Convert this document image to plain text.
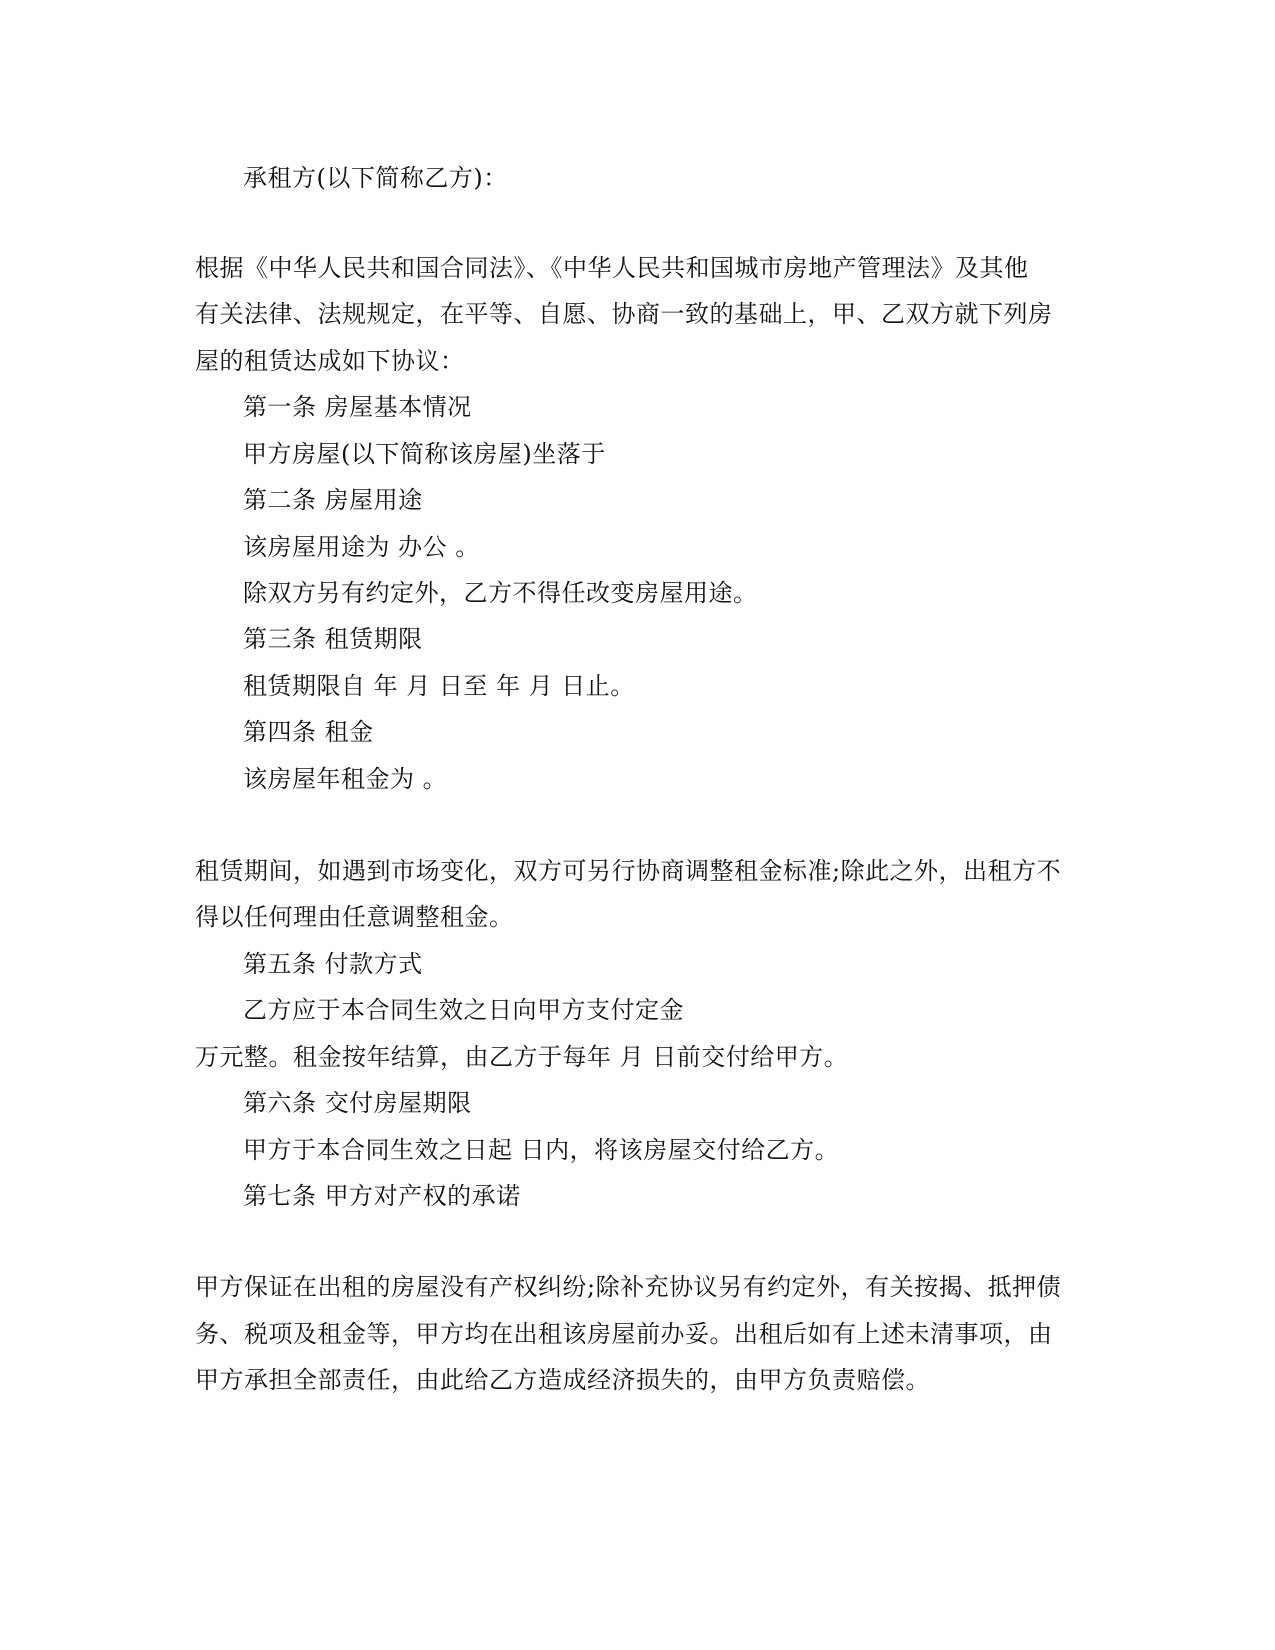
承租方(以下简称乙方)：
根据《中华人民共和国合同法》、《中华人民共和国城市房地产管理法》及其他
有关法律、法规规定，在平等、自愿、协商一致的基础上，甲、乙双方就下列房
屋的租赁达成如下协议：
第一条 房屋基本情况
甲方房屋(以下简称该房屋)坐落于
第二条 房屋用途
该房屋用途为 办公 。
除双方另有约定外，乙方不得任改变房屋用途。
第三条 租赁期限
租赁期限自 年 月 日至 年 月 日止。
第四条 租金
该房屋年租金为 。
租赁期间，如遇到市场变化，双方可另行协商调整租金标准;除此之外，出租方不
得以任何理由任意调整租金。
第五条 付款方式
乙方应于本合同生效之日向甲方支付定金
万元整。租金按年结算，由乙方于每年 月 日前交付给甲方。
第六条 交付房屋期限
甲方于本合同生效之日起 日内，将该房屋交付给乙方。
第七条 甲方对产权的承诺
甲方保证在出租的房屋没有产权纠纷;除补充协议另有约定外，有关按揭、抵押债
务、税项及租金等，甲方均在出租该房屋前办妥。出租后如有上述未清事项，由
甲方承担全部责任，由此给乙方造成经济损失的，由甲方负责赔偿。
